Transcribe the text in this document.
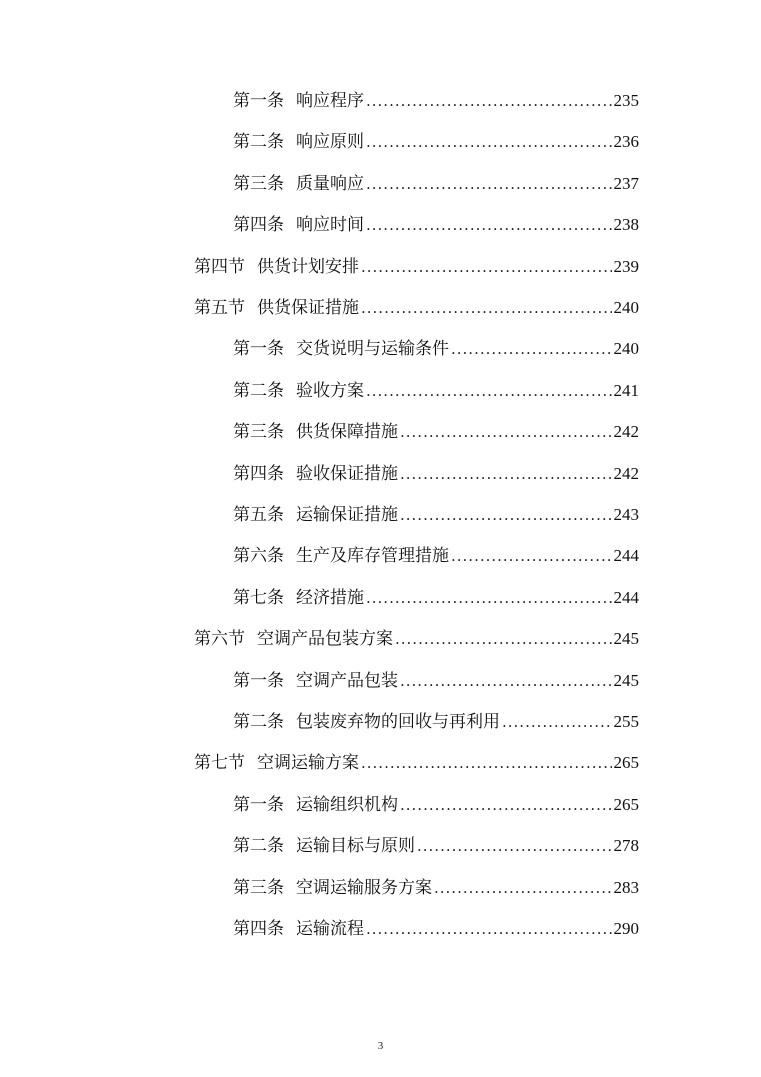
第一条 响应程序 .....	235
第二条 响应原则 .....	236
第三条 质量响应 .....	237
第四条 响应时间 .....	238
第四节 供货计划安排 .....	239
第五节 供货保证措施 .....	240
第一条 交货说明与运输条件 .....	240
第二条 验收方案 .....	241
第三条 供货保障措施 .....	242
第四条 验收保证措施 .....	242
第五条 运输保证措施 .....	243
第六条 生产及库存管理措施 .....	244
第七条 经济措施 .....	244
第六节 空调产品包装方案 .....	245
第一条 空调产品包装 .....	245
第二条 包装废弃物的回收与再利用 .....	255
第七节 空调运输方案 .....	265
第一条 运输组织机构 .....	265
第二条 运输目标与原则 .....	278
第三条 空调运输服务方案 .....	283
第四条 运输流程 .....	290
3
